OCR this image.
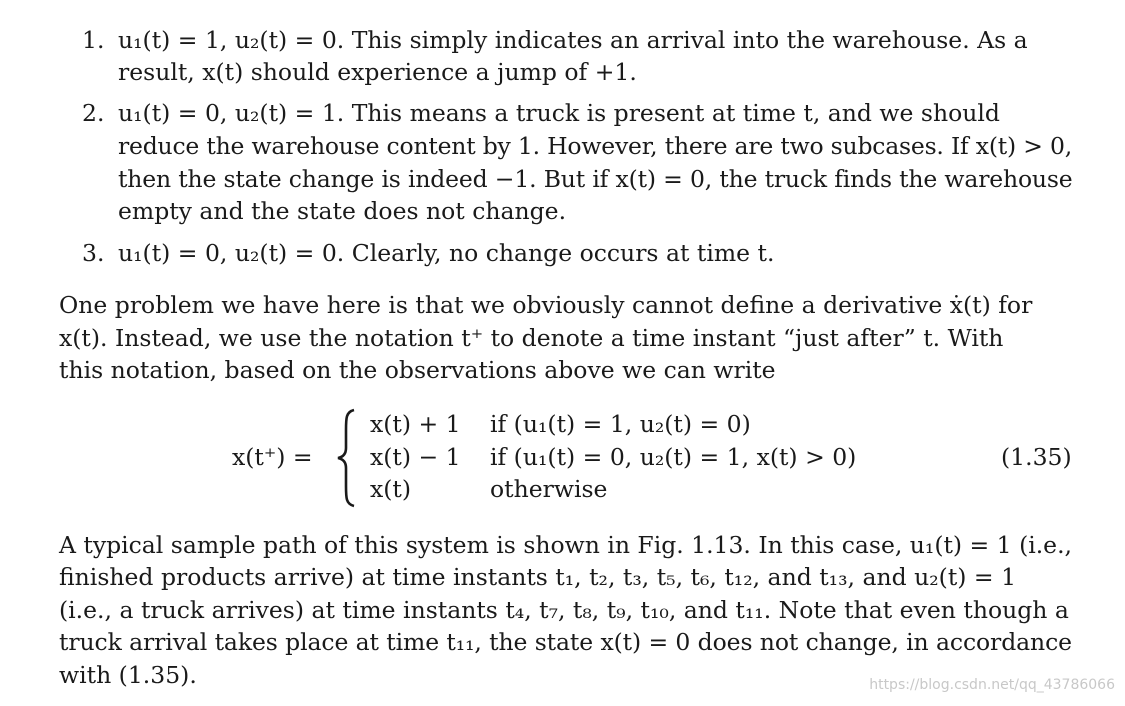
1. u₁(t) = 1, u₂(t) = 0. This simply indicates an arrival into the warehouse. As a
result, x(t) should experience a jump of +1.
2. u₁(t) = 0, u₂(t) = 1. This means a truck is present at time t, and we should
reduce the warehouse content by 1. However, there are two subcases. If x(t) > 0,
then the state change is indeed −1. But if x(t) = 0, the truck finds the warehouse
empty and the state does not change.
3. u₁(t) = 0, u₂(t) = 0. Clearly, no change occurs at time t.
One problem we have here is that we obviously cannot define a derivative ẋ(t) for
x(t). Instead, we use the notation t⁺ to denote a time instant “just after” t. With
this notation, based on the observations above we can write
x(t⁺) =
x(t) + 1 if (u₁(t) = 1, u₂(t) = 0)
x(t) − 1 if (u₁(t) = 0, u₂(t) = 1, x(t) > 0)
x(t)	otherwise
(1.35)
A typical sample path of this system is shown in Fig. 1.13. In this case, u₁(t) = 1 (i.e.,
finished products arrive) at time instants t₁, t₂, t₃, t₅, t₆, t₁₂, and t₁₃, and u₂(t) = 1
(i.e., a truck arrives) at time instants t₄, t₇, t₈, t₉, t₁₀, and t₁₁. Note that even though a
truck arrival takes place at time t₁₁, the state x(t) = 0 does not change, in accordance
with (1.35).	https://blog.csdn.net/qq_43786066
